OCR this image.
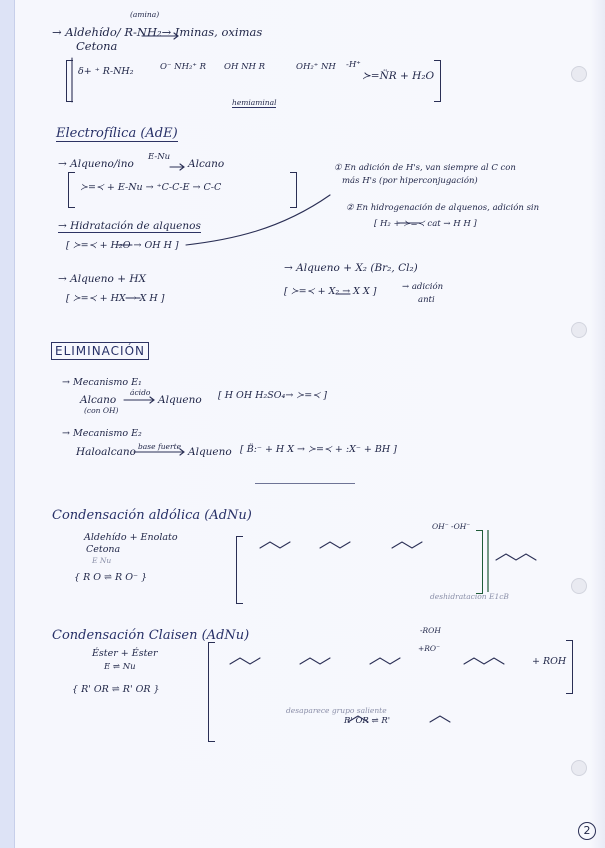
(amina)
→ Aldehído/ R-NH₂→ Iminas, oximas
Cetona
δ+ ⁺ R-NH₂	O⁻ NH₂⁺ R OH NH R	OH₂⁺ NH -H⁺
≻=N̈R + H₂O
hemiaminal
Electrofílica (AdE)
→ Alqueno/ino
E-Nu
Alcano
≻=≺ + E-Nu → ⁺C-C-E → C-C
① En adición de H's, van siempre al C con
más H's (por hiperconjugación)
② En hidrogenación de alquenos, adición sin
[ H₂ + ≻=≺ cat → H H ]
→ Hidratación de alquenos
[ ≻=≺ + H₂O → OH H ]
→ Alqueno + HX
[ ≻=≺ + HX → X H ]
→ Alqueno + X₂ (Br₂, Cl₂)
[ ≻=≺ + X₂ → X X ]	→ adición
anti
ELIMINACIÓN
→ Mecanismo E₁
Alcano
(con OH)
ácido
Alqueno [ H OH H₂SO₄→ ≻=≺ ]
→ Mecanismo E₂
Haloalcano base fuerte Alqueno [ B̈:⁻ + H X → ≻=≺ + :X⁻ + BH ]
Condensación aldólica (AdNu)
Aldehído + Enolato
Cetona
E Nu
{ R O ⇌ R O⁻ }
OH⁻ -OH⁻
deshidratación E1cB
Condensación Claisen (AdNu)
Éster + Éster
E ⇌ Nu
{ R' OR ⇌ R' OR }
+RO⁻
-ROH
+ ROH
desaparece grupo saliente
R' OR ⇌ R'
2
